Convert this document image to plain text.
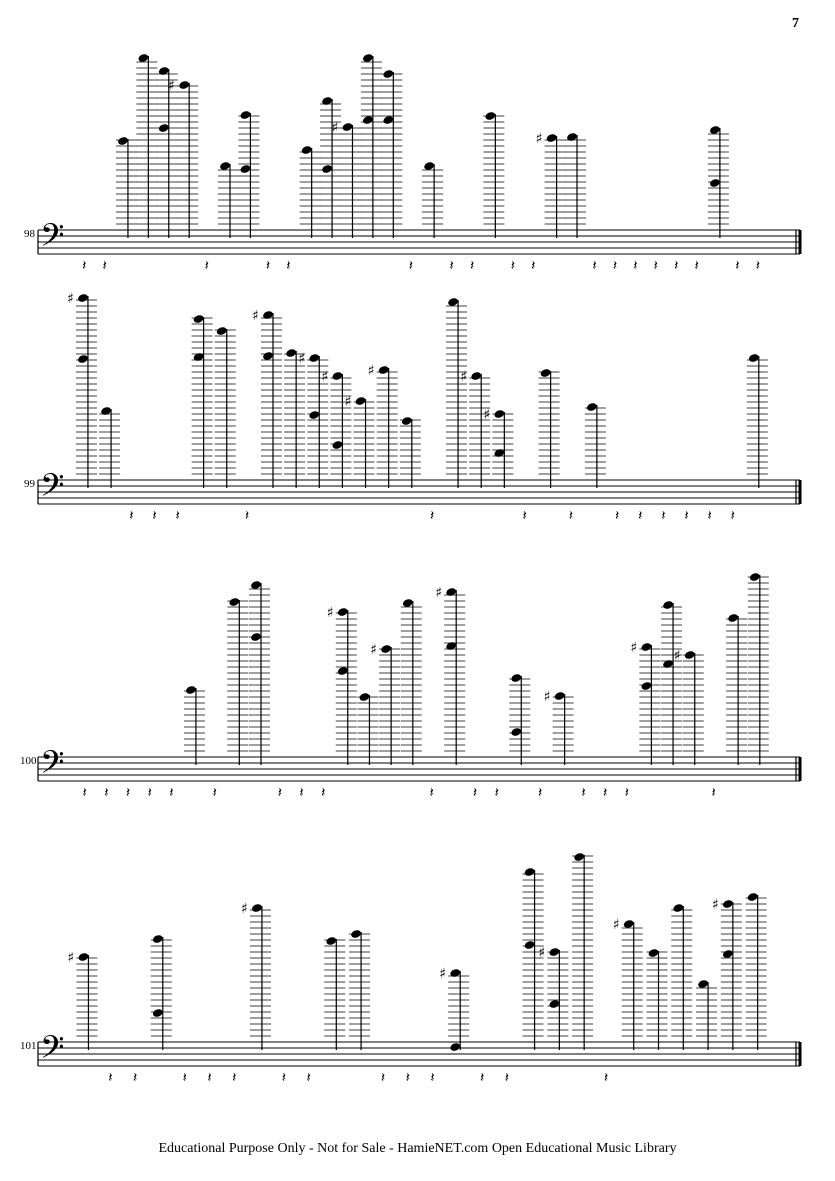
7
98
99
100
101
𝄢
𝄽 𝄽
♯
𝄽	𝄽 𝄽
♯
𝄽	𝄽 𝄽	𝄽 𝄽
♯
𝄽 𝄽 𝄽 𝄽 𝄽 𝄽	𝄽 𝄽
𝄢
♯
𝄽 𝄽 𝄽	𝄽
♯
♯
♯
♯
♯
𝄽
♯
♯
𝄽	𝄽	𝄽 𝄽 𝄽 𝄽 𝄽 𝄽
𝄢
𝄽 𝄽 𝄽 𝄽 𝄽	𝄽	𝄽 𝄽 𝄽
♯
♯
𝄽
♯
𝄽 𝄽	𝄽
♯
𝄽 𝄽 𝄽
♯	♯
𝄽
𝄢
♯
𝄽 𝄽	𝄽 𝄽 𝄽
♯
𝄽 𝄽	𝄽 𝄽 𝄽
♯
𝄽 𝄽
♯
𝄽
♯
♯
Educational Purpose Only - Not for Sale - HamieNET.com Open Educational Music Library
